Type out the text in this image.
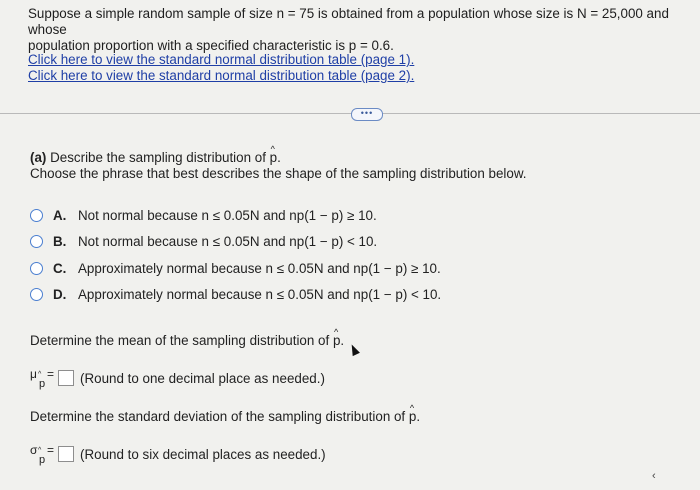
Suppose a simple random sample of size n = 75 is obtained from a population whose size is N = 25,000 and whose
population proportion with a specified characteristic is p = 0.6.
Click here to view the standard normal distribution table (page 1).
Click here to view the standard normal distribution table (page 2).
•••
(a) Describe the sampling distribution of ^ p.
Choose the phrase that best describes the shape of the sampling distribution below.
A. Not normal because n ≤ 0.05N and np(1 − p) ≥ 10.
B. Not normal because n ≤ 0.05N and np(1 − p) < 10.
C. Approximately normal because n ≤ 0.05N and np(1 − p) ≥ 10.
D. Approximately normal because n ≤ 0.05N and np(1 − p) < 10.
Determine the mean of the sampling distribution of ^ p.
μ ^
p
= (Round to one decimal place as needed.)
Determine the standard deviation of the sampling distribution of ^ p.
σ ^
p
= (Round to six decimal places as needed.)
‹
